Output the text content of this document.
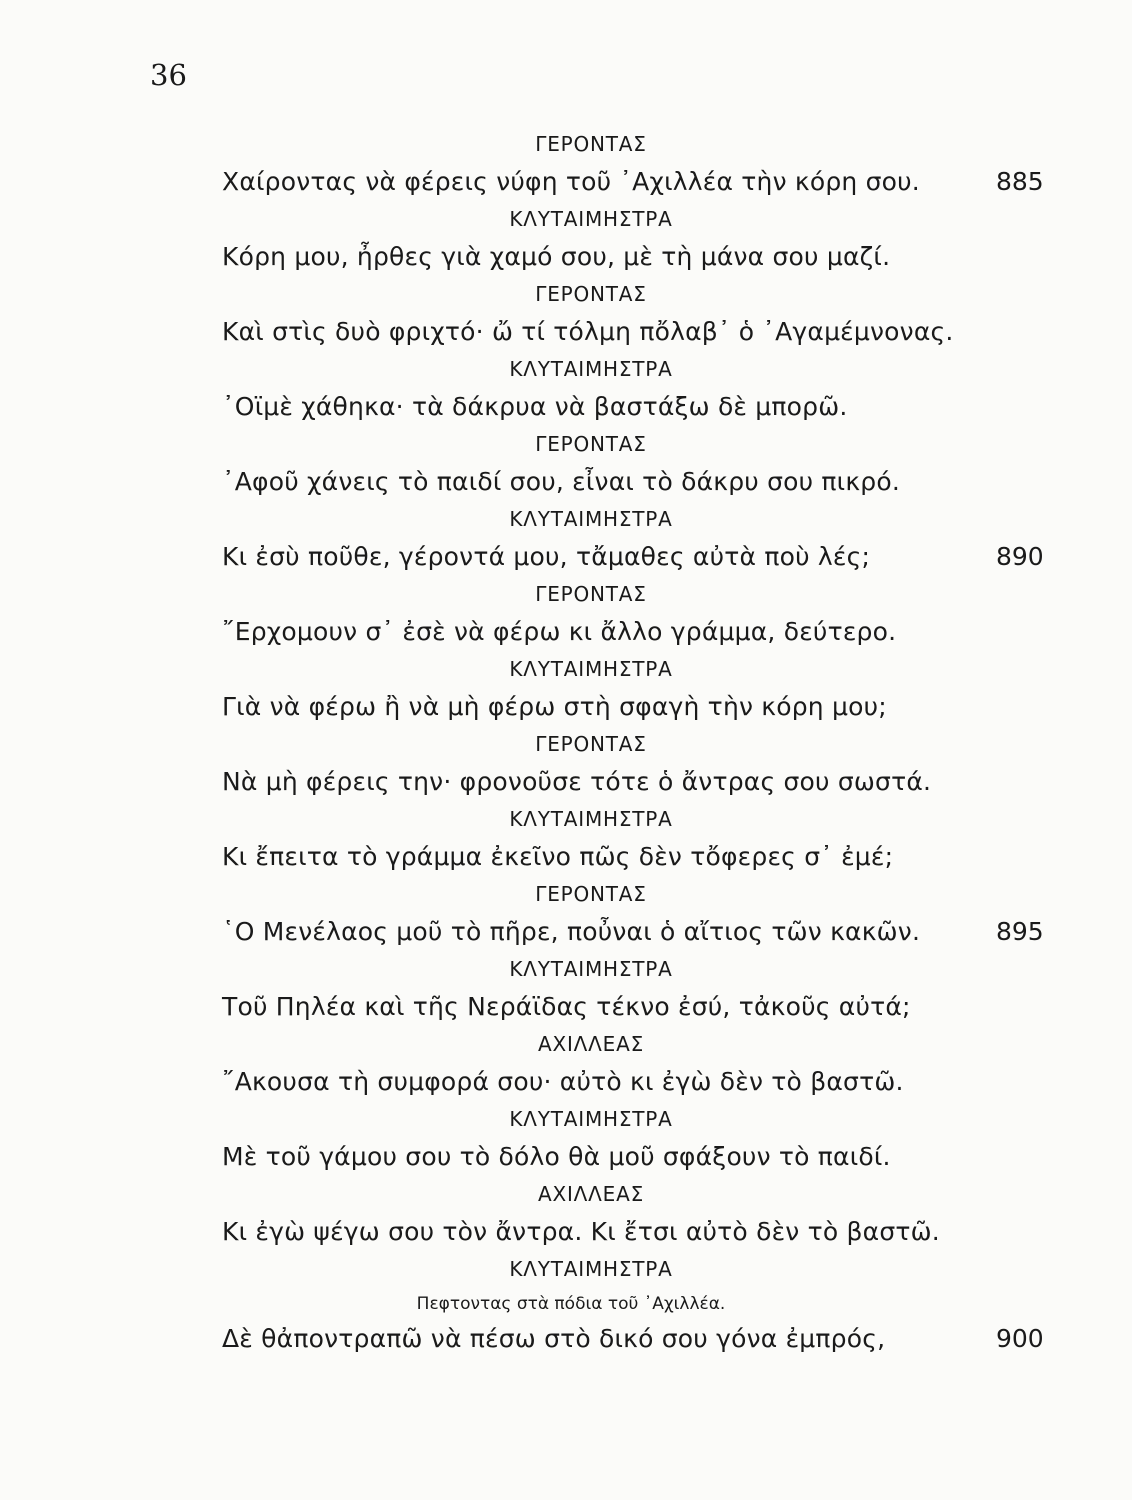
36
ΓΕΡΟΝΤΑΣ
Χαίροντας νὰ φέρεις νύφη τοῦ ᾿Αχιλλέα τὴν κόρη σου.	885
ΚΛΥΤΑΙΜΗΣΤΡΑ
Κόρη μου, ἦρθες γιὰ χαμό σου, μὲ τὴ μάνα σου μαζί.
ΓΕΡΟΝΤΑΣ
Καὶ στὶς δυὸ φριχτό· ὤ τί τόλμη πὄλαβ᾿ ὁ ᾿Αγαμέμνονας.
ΚΛΥΤΑΙΜΗΣΤΡΑ
᾿Οϊμὲ χάθηκα· τὰ δάκρυα νὰ βαστάξω δὲ μπορῶ.
ΓΕΡΟΝΤΑΣ
᾿Αφοῦ χάνεις τὸ παιδί σου, εἶναι τὸ δάκρυ σου πικρό.
ΚΛΥΤΑΙΜΗΣΤΡΑ
Κι ἐσὺ ποῦθε, γέροντά μου, τἄμαθες αὐτὰ ποὺ λές;	890
ΓΕΡΟΝΤΑΣ
῎Ερχομουν σ᾿ ἐσὲ νὰ φέρω κι ἄλλο γράμμα, δεύτερο.
ΚΛΥΤΑΙΜΗΣΤΡΑ
Γιὰ νὰ φέρω ἢ νὰ μὴ φέρω στὴ σφαγὴ τὴν κόρη μου;
ΓΕΡΟΝΤΑΣ
Νὰ μὴ φέρεις την· φρονοῦσε τότε ὁ ἄντρας σου σωστά.
ΚΛΥΤΑΙΜΗΣΤΡΑ
Κι ἔπειτα τὸ γράμμα ἐκεῖνο πῶς δὲν τὄφερες σ᾿ ἐμέ;
ΓΕΡΟΝΤΑΣ
῾Ο Μενέλαος μοῦ τὸ πῆρε, ποὖναι ὁ αἴτιος τῶν κακῶν.	895
ΚΛΥΤΑΙΜΗΣΤΡΑ
Τοῦ Πηλέα καὶ τῆς Νεράϊδας τέκνο ἐσύ, τἀκοῦς αὐτά;
ΑΧΙΛΛΕΑΣ
῎Ακουσα τὴ συμφορά σου· αὐτὸ κι ἐγὼ δὲν τὸ βαστῶ.
ΚΛΥΤΑΙΜΗΣΤΡΑ
Μὲ τοῦ γάμου σου τὸ δόλο θὰ μοῦ σφάξουν τὸ παιδί.
ΑΧΙΛΛΕΑΣ
Κι ἐγὼ ψέγω σου τὸν ἄντρα. Κι ἔτσι αὐτὸ δὲν τὸ βαστῶ.
ΚΛΥΤΑΙΜΗΣΤΡΑ
Πεφτοντας στὰ πόδια τοῦ ᾿Αχιλλέα.
Δὲ θἀποντραπῶ νὰ πέσω στὸ δικό σου γόνα ἐμπρός,	900
